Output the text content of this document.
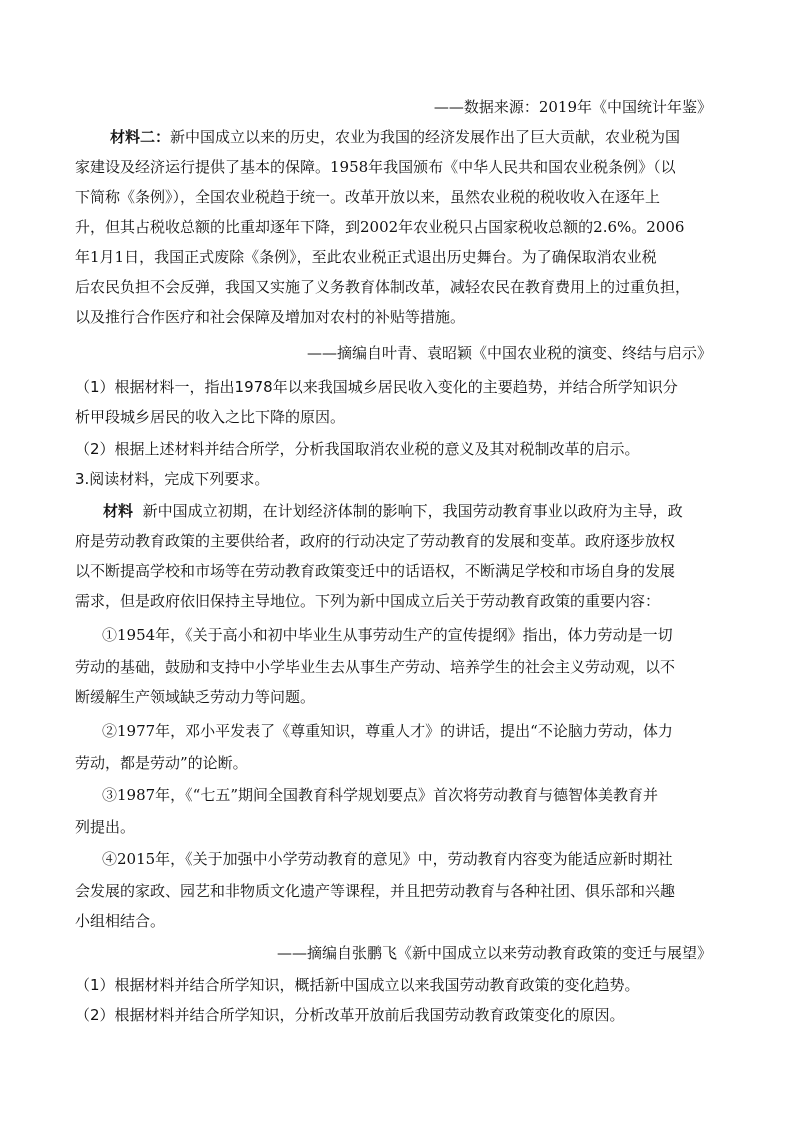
——数据来源：2019年《中国统计年鉴》
材料二：新中国成立以来的历史，农业为我国的经济发展作出了巨大贡献，农业税为国
家建设及经济运行提供了基本的保障。1958年我国颁布《中华人民共和国农业税条例》（以
下简称《条例》），全国农业税趋于统一。改革开放以来，虽然农业税的税收收入在逐年上
升，但其占税收总额的比重却逐年下降，到2002年农业税只占国家税收总额的2.6%。2006
年1月1日，我国正式废除《条例》，至此农业税正式退出历史舞台。为了确保取消农业税
后农民负担不会反弹，我国又实施了义务教育体制改革，减轻农民在教育费用上的过重负担，
以及推行合作医疗和社会保障及增加对农村的补贴等措施。
——摘编自叶青、袁昭颖《中国农业税的演变、终结与启示》
（1）根据材料一，指出1978年以来我国城乡居民收入变化的主要趋势，并结合所学知识分
析甲段城乡居民的收入之比下降的原因。
（2）根据上述材料并结合所学，分析我国取消农业税的意义及其对税制改革的启示。
3.阅读材料，完成下列要求。
材料 新中国成立初期，在计划经济体制的影响下，我国劳动教育事业以政府为主导，政
府是劳动教育政策的主要供给者，政府的行动决定了劳动教育的发展和变革。政府逐步放权
以不断提高学校和市场等在劳动教育政策变迁中的话语权，不断满足学校和市场自身的发展
需求，但是政府依旧保持主导地位。下列为新中国成立后关于劳动教育政策的重要内容：
①1954年，《关于高小和初中毕业生从事劳动生产的宣传提纲》指出，体力劳动是一切
劳动的基础，鼓励和支持中小学毕业生去从事生产劳动、培养学生的社会主义劳动观，以不
断缓解生产领域缺乏劳动力等问题。
②1977年，邓小平发表了《尊重知识，尊重人才》的讲话，提出“不论脑力劳动，体力
劳动，都是劳动”的论断。
③1987年，《“七五”期间全国教育科学规划要点》首次将劳动教育与德智体美教育并
列提出。
④2015年，《关于加强中小学劳动教育的意见》中，劳动教育内容变为能适应新时期社
会发展的家政、园艺和非物质文化遗产等课程，并且把劳动教育与各种社团、俱乐部和兴趣
小组相结合。
——摘编自张鹏飞《新中国成立以来劳动教育政策的变迁与展望》
（1）根据材料并结合所学知识，概括新中国成立以来我国劳动教育政策的变化趋势。
（2）根据材料并结合所学知识，分析改革开放前后我国劳动教育政策变化的原因。
